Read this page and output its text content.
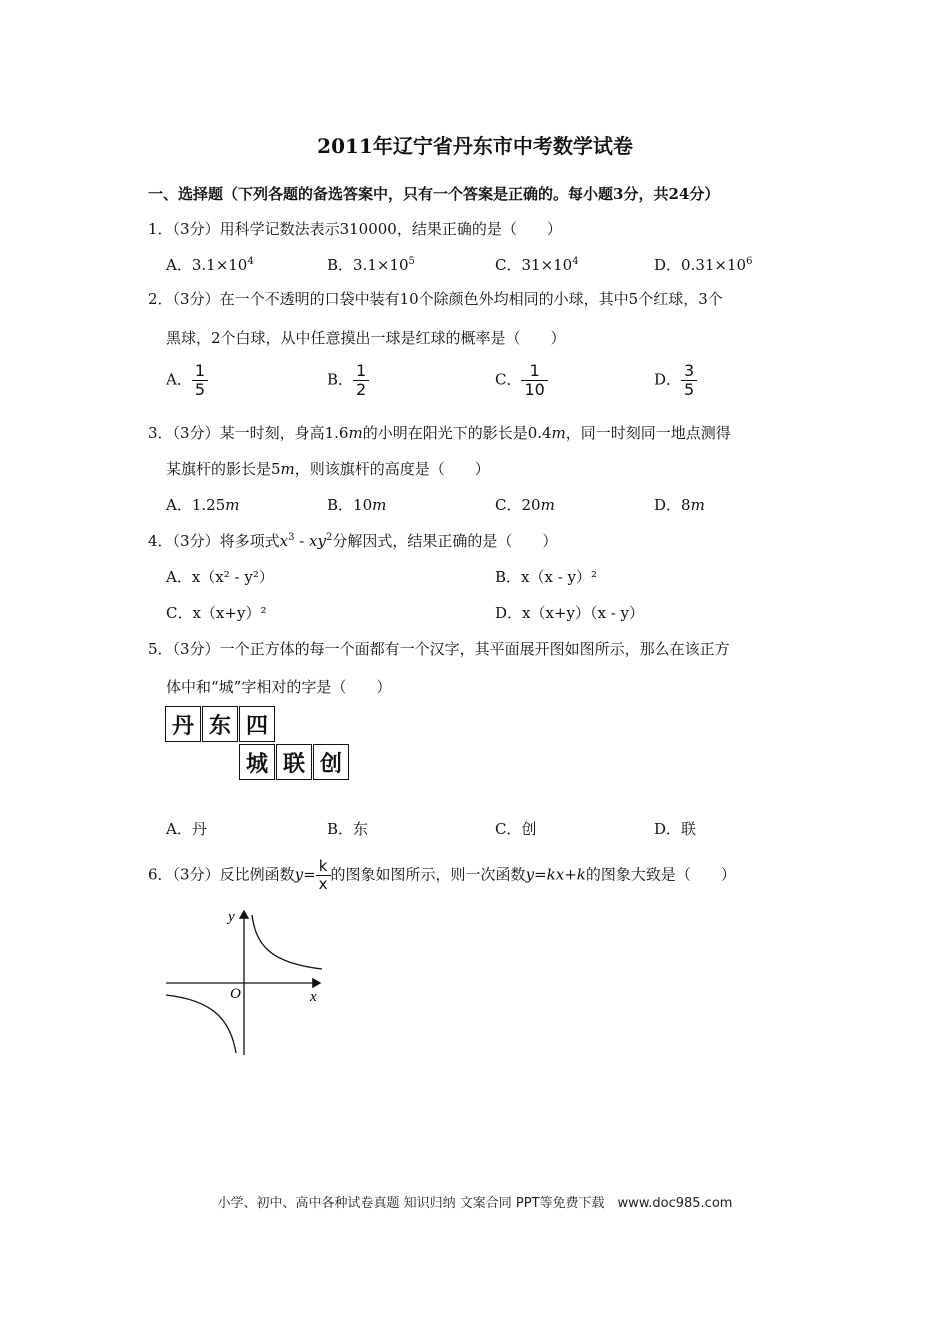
2011年辽宁省丹东市中考数学试卷
一、选择题（下列各题的备选答案中，只有一个答案是正确的。每小题3分，共24分）
1．（3分）用科学记数法表示310000，结果正确的是（　　）
A．$3.1\times 10^4$	B．$3.1\times 10^5$	C．$31\times 10^4$	D．$0.31\times 10^6$
2．（3分）在一个不透明的口袋中装有10个除颜色外均相同的小球，其中5个红球，3个
黑球，2个白球，从中任意摸出一球是红球的概率是（　　）
A． $\frac{1}{5}$	B． $\frac{1}{2}$	C． $\frac{1}{10}$	D． $\frac{3}{5}$
3．（3分）某一时刻，身高1.6m的小明在阳光下的影长是0.4m，同一时刻同一地点测得
某旗杆的影长是5m，则该旗杆的高度是（　　）
A．1.25m	B．10m	C．20m	D．8m
4．（3分）将多项式$x^3 - xy^2$分解因式，结果正确的是（　　）
A．x（x² - y²）	B．x（x - y）²
C．x（x+y）²	D．x（x+y）（x - y）
5．（3分）一个正方体的每一个面都有一个汉字，其平面展开图如图所示，那么在该正方
体中和“城”字相对的字是（　　）
丹 东 四
城 联 创
A．丹	B．东	C．创	D．联
6．（3分）反比例函数$y= \frac{k}{x}$ 的图象如图所示，则一次函数y=kx+k的图象大致是（　　）
y
x
O
小学、初中、高中各种试卷真题 知识归纳 文案合同 PPT等免费下载　www.doc985.com
